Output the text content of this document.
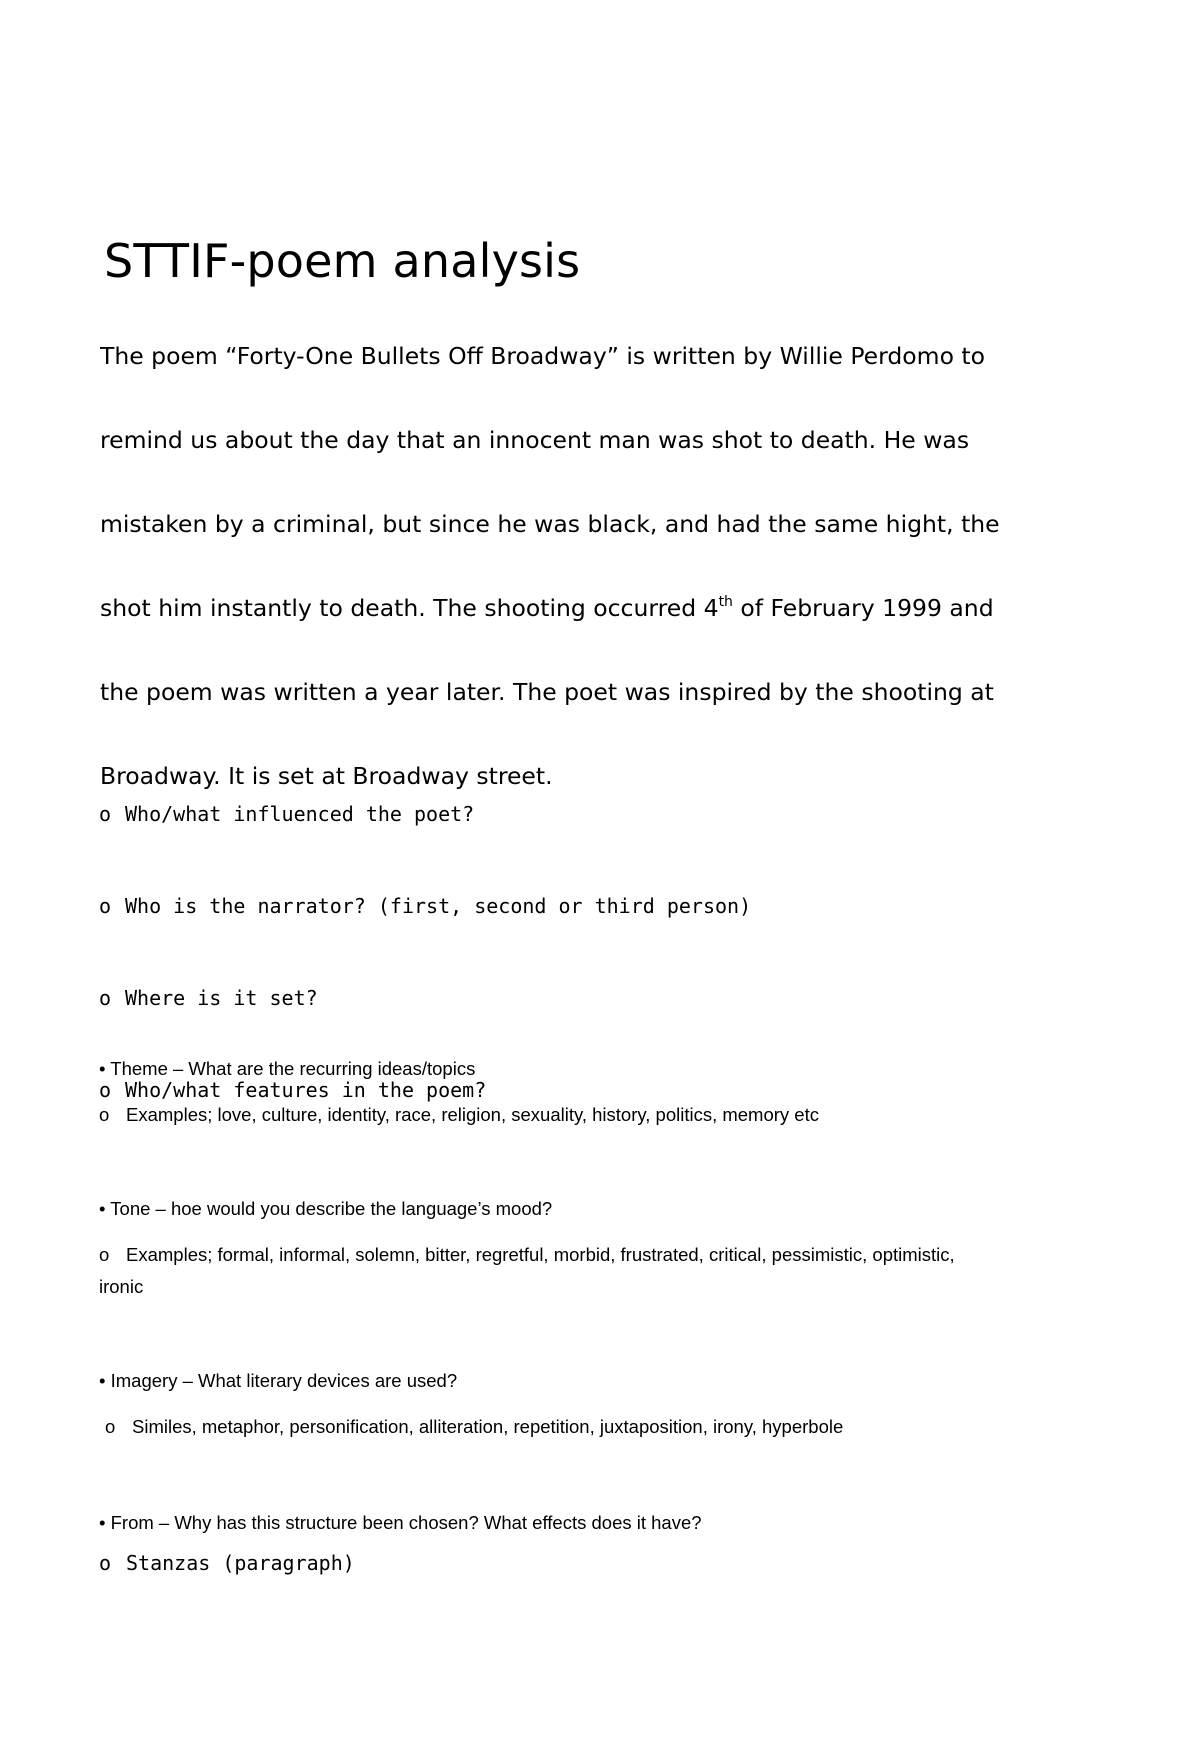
STTIF-poem analysis
The poem “Forty-One Bullets Off Broadway” is written by Willie Perdomo to
remind us about the day that an innocent man was shot to death. He was
mistaken by a criminal, but since he was black, and had the same hight, the
shot him instantly to death. The shooting occurred 4th of February 1999 and
the poem was written a year later. The poet was inspired by the shooting at
Broadway. It is set at Broadway street.

o Who/what influenced the poet?

o Who is the narrator? (first, second or third person)

o Where is it set?

o Who/what features in the poem?

• Theme – What are the recurring ideas/topics
o Examples; love, culture, identity, race, religion, sexuality, history, politics, memory etc
• Tone – hoe would you describe the language’s mood?
o Examples; formal, informal, solemn, bitter, regretful, morbid, frustrated, critical, pessimistic, optimistic, ironic
• Imagery – What literary devices are used?
o Similes, metaphor, personification, alliteration, repetition, juxtaposition, irony, hyperbole
• From – Why has this structure been chosen? What effects does it have?
o Stanzas (paragraph)
